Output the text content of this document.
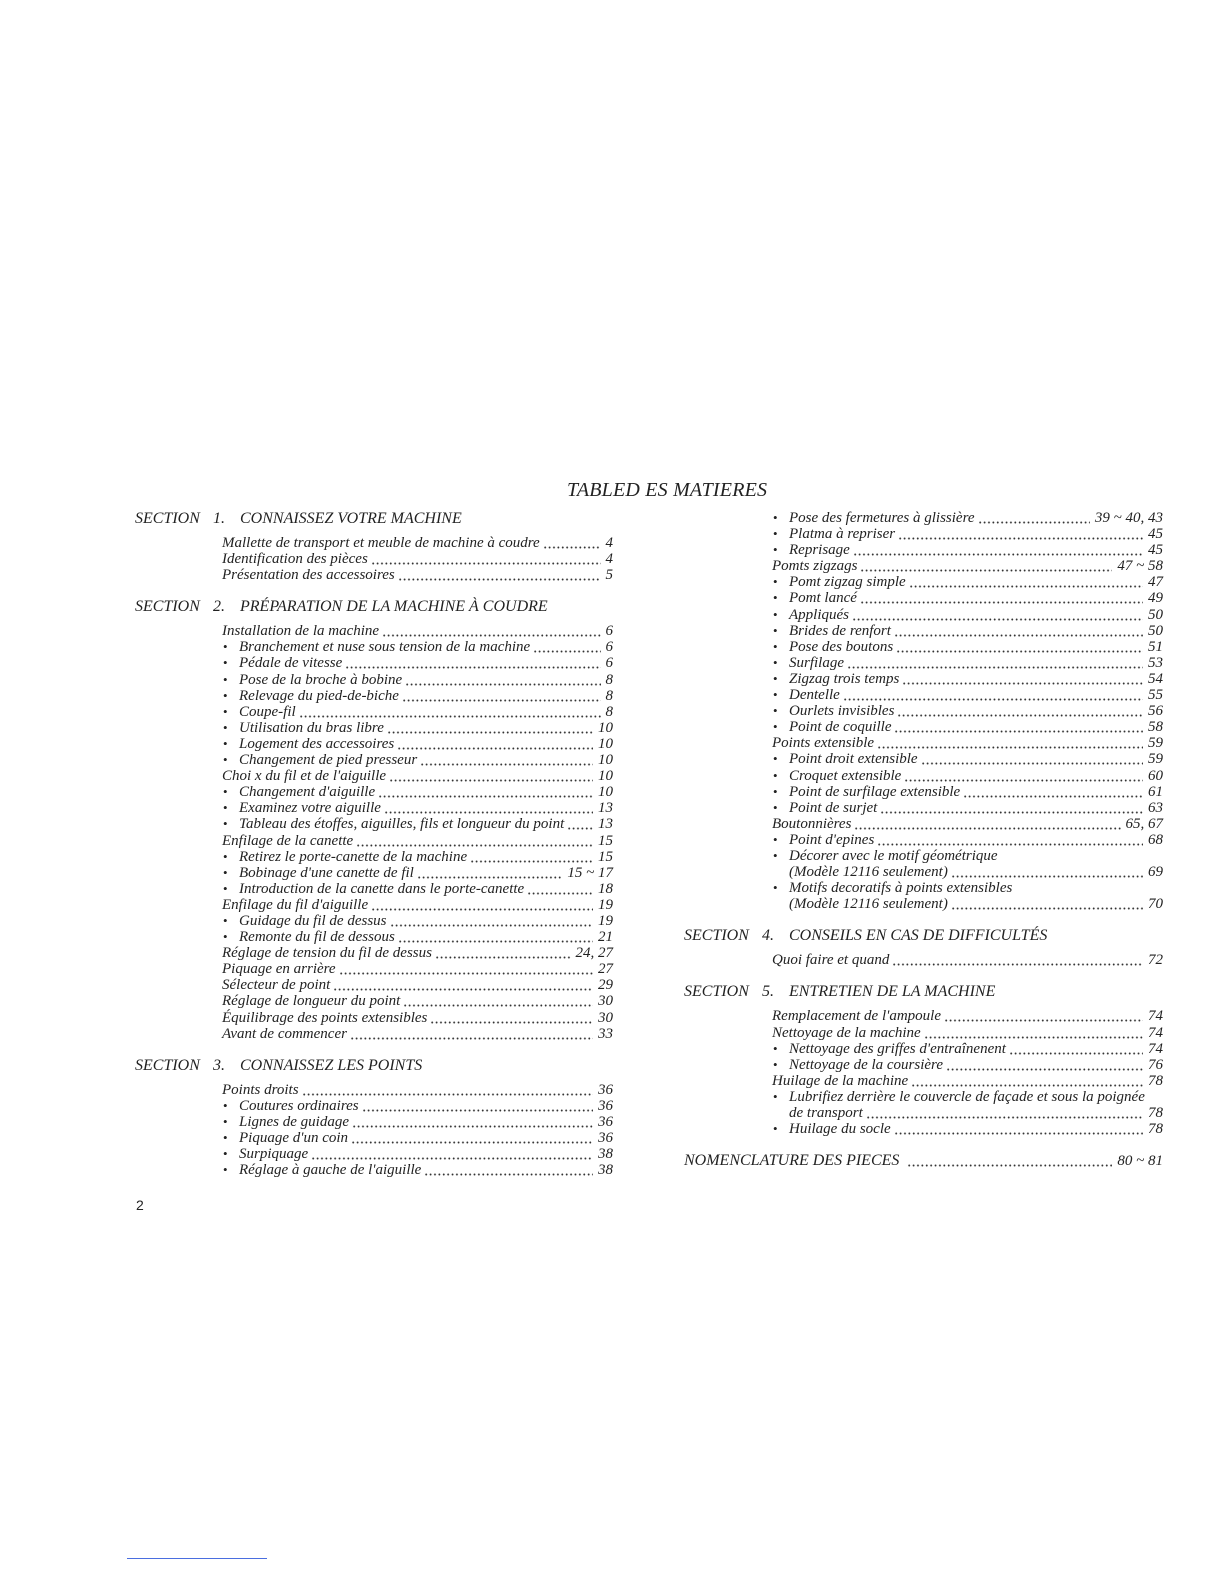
TABLED ES MATIERES
SECTION 1. CONNAISSEZ VOTRE MACHINE
Mallette de transport et meuble de machine à coudre	4
Identification des pièces	4
Présentation des accessoires	5
SECTION 2. PRÉPARATION DE LA MACHINE À COUDRE
Installation de la machine	6
• Branchement et nuse sous tension de la machine	6
• Pédale de vitesse	6
• Pose de la broche à bobine	8
• Relevage du pied-de-biche	8
• Coupe-fil	8
• Utilisation du bras libre	10
• Logement des accessoires	10
• Changement de pied presseur	10
Choi x du fil et de l'aiguille	10
• Changement d'aiguille	10
• Examinez votre aiguille	13
• Tableau des étoffes, aiguilles, fils et longueur du point 13
Enfilage de la canette	15
• Retirez le porte-canette de la machine	15
• Bobinage d'une canette de fil	15 ~ 17
• Introduction de la canette dans le porte-canette	18
Enfilage du fil d'aiguille	19
• Guidage du fil de dessus	19
• Remonte du fil de dessous	21
Réglage de tension du fil de dessus	24, 27
Piquage en arrière	27
Sélecteur de point	29
Réglage de longueur du point	30
Équilibrage des points extensibles	30
Avant de commencer	33
SECTION 3. CONNAISSEZ LES POINTS
Points droits	36
• Coutures ordinaires	36
• Lignes de guidage	36
• Piquage d'un coin	36
• Surpiquage	38
• Réglage à gauche de l'aiguille	38
• Pose des fermetures à glissière	39 ~ 40, 43
• Platma à repriser	45
• Reprisage	45
Pomts zigzags	47 ~ 58
• Pomt zigzag simple	47
• Pomt lancé	49
• Appliqués	50
• Brides de renfort	50
• Pose des boutons	51
• Surfilage	53
• Zigzag trois temps	54
• Dentelle	55
• Ourlets invisibles	56
• Point de coquille	58
Points extensible	59
• Point droit extensible	59
• Croquet extensible	60
• Point de surfilage extensible	61
• Point de surjet	63
Boutonnières	65, 67
• Point d'epines	68
• Décorer avec le motif géométrique
(Modèle 12116 seulement)	69
• Motifs decoratifs à points extensibles
(Modèle 12116 seulement)	70
SECTION 4. CONSEILS EN CAS DE DIFFICULTÉS
Quoi faire et quand	72
SECTION 5. ENTRETIEN DE LA MACHINE
Remplacement de l'ampoule	74
Nettoyage de la machine	74
• Nettoyage des griffes d'entraînenent	74
• Nettoyage de la coursière	76
Huilage de la machine	78
• Lubrifiez derrière le couvercle de façade et sous la poignée
de transport	78
• Huilage du socle	78
NOMENCLATURE DES PIECES	80 ~ 81
2
